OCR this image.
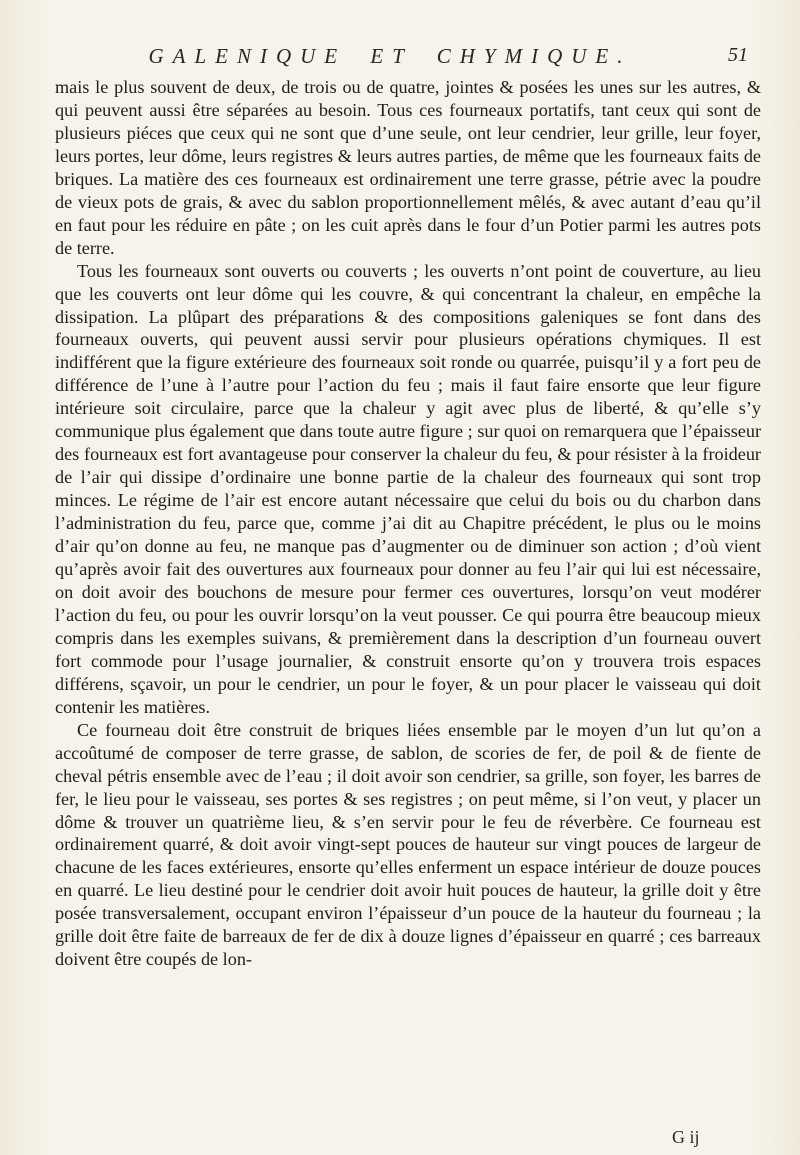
GALENIQUE ET CHYMIQUE.	51

mais le plus souvent de deux, de trois ou de quatre, jointes & posées les unes sur les autres, & qui peuvent aussi être séparées au besoin. Tous ces fourneaux portatifs, tant ceux qui sont de plusieurs piéces que ceux qui ne sont que d’une seule, ont leur cendrier, leur grille, leur foyer, leurs portes, leur dôme, leurs registres & leurs autres parties, de même que les fourneaux faits de briques. La matière des ces fourneaux est ordinairement une terre grasse, pétrie avec la poudre de vieux pots de grais, & avec du sablon proportionnellement mêlés, & avec autant d’eau qu’il en faut pour les réduire en pâte ; on les cuit après dans le four d’un Potier parmi les autres pots de terre.

Tous les fourneaux sont ouverts ou couverts ; les ouverts n’ont point de couverture, au lieu que les couverts ont leur dôme qui les couvre, & qui concentrant la chaleur, en empêche la dissipation. La plûpart des préparations & des compositions galeniques se font dans des fourneaux ouverts, qui peuvent aussi servir pour plusieurs opérations chymiques. Il est indifférent que la figure extérieure des fourneaux soit ronde ou quarrée, puisqu’il y a fort peu de différence de l’une à l’autre pour l’action du feu ; mais il faut faire ensorte que leur figure intérieure soit circulaire, parce que la chaleur y agit avec plus de liberté, & qu’elle s’y communique plus également que dans toute autre figure ; sur quoi on remarquera que l’épaisseur des fourneaux est fort avantageuse pour conserver la chaleur du feu, & pour résister à la froideur de l’air qui dissipe d’ordinaire une bonne partie de la chaleur des fourneaux qui sont trop minces. Le régime de l’air est encore autant nécessaire que celui du bois ou du charbon dans l’administration du feu, parce que, comme j’ai dit au Chapitre précédent, le plus ou le moins d’air qu’on donne au feu, ne manque pas d’augmenter ou de diminuer son action ; d’où vient qu’après avoir fait des ouvertures aux fourneaux pour donner au feu l’air qui lui est nécessaire, on doit avoir des bouchons de mesure pour fermer ces ouvertures, lorsqu’on veut modérer l’action du feu, ou pour les ouvrir lorsqu’on la veut pousser. Ce qui pourra être beaucoup mieux compris dans les exemples suivans, & premièrement dans la description d’un fourneau ouvert fort commode pour l’usage journalier, & construit ensorte qu’on y trouvera trois espaces différens, sçavoir, un pour le cendrier, un pour le foyer, & un pour placer le vaisseau qui doit contenir les matières.

Ce fourneau doit être construit de briques liées ensemble par le moyen d’un lut qu’on a accoûtumé de composer de terre grasse, de sablon, de scories de fer, de poil & de fiente de cheval pétris ensemble avec de l’eau ; il doit avoir son cendrier, sa grille, son foyer, les barres de fer, le lieu pour le vaisseau, ses portes & ses registres ; on peut même, si l’on veut, y placer un dôme & trouver un quatrième lieu, & s’en servir pour le feu de réverbère. Ce fourneau est ordinairement quarré, & doit avoir vingt-sept pouces de hauteur sur vingt pouces de largeur de chacune de les faces extérieures, ensorte qu’elles enferment un espace intérieur de douze pouces en quarré. Le lieu destiné pour le cendrier doit avoir huit pouces de hauteur, la grille doit y être posée transversalement, occupant environ l’épaisseur d’un pouce de la hauteur du fourneau ; la grille doit être faite de barreaux de fer de dix à douze lignes d’épaisseur en quarré ; ces barreaux doivent être coupés de lon-

G ij
